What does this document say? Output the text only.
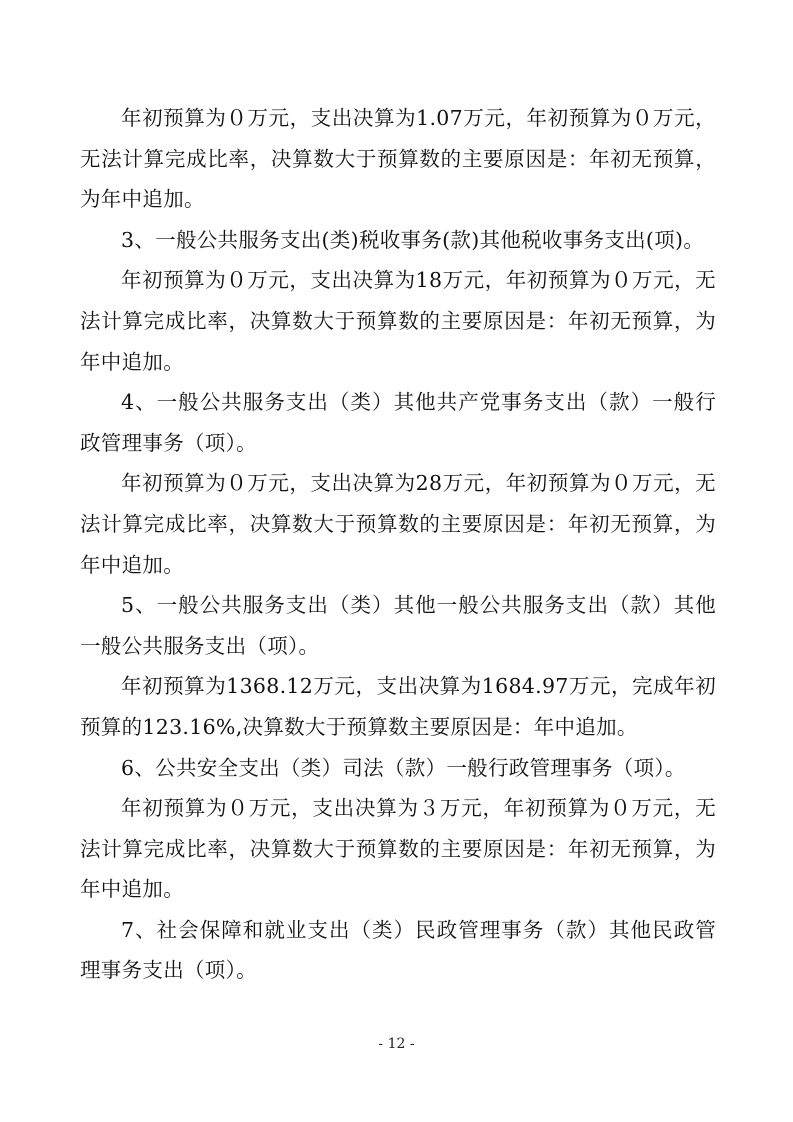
年初预算为０万元，支出决算为1.07万元，年初预算为０万元，无法计算完成比率，决算数大于预算数的主要原因是：年初无预算，为年中追加。

3、一般公共服务支出(类)税收事务(款)其他税收事务支出(项)。

年初预算为０万元，支出决算为18万元，年初预算为０万元，无法计算完成比率，决算数大于预算数的主要原因是：年初无预算，为年中追加。

4、一般公共服务支出（类）其他共产党事务支出（款）一般行政管理事务（项）。

年初预算为０万元，支出决算为28万元，年初预算为０万元，无法计算完成比率，决算数大于预算数的主要原因是：年初无预算，为年中追加。

5、一般公共服务支出（类）其他一般公共服务支出（款）其他一般公共服务支出（项）。

年初预算为1368.12万元，支出决算为1684.97万元，完成年初预算的123.16%,决算数大于预算数主要原因是：年中追加。

6、公共安全支出（类）司法（款）一般行政管理事务（项）。

年初预算为０万元，支出决算为３万元，年初预算为０万元，无法计算完成比率，决算数大于预算数的主要原因是：年初无预算，为年中追加。

7、社会保障和就业支出（类）民政管理事务（款）其他民政管理事务支出（项）。

- 12 -
